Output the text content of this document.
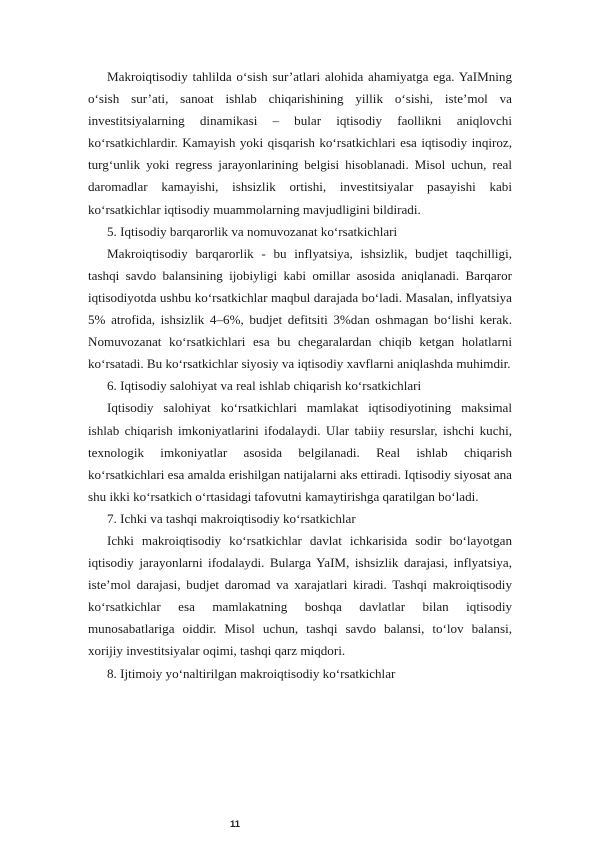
Makroiqtisodiy tahlilda o‘sish sur’atlari alohida ahamiyatga ega. YaIMning o‘sish sur’ati, sanoat ishlab chiqarishining yillik o‘sishi, iste’mol va investitsiyalarning dinamikasi – bular iqtisodiy faollikni aniqlovchi ko‘rsatkichlardir. Kamayish yoki qisqarish ko‘rsatkichlari esa iqtisodiy inqiroz, turg‘unlik yoki regress jarayonlarining belgisi hisoblanadi. Misol uchun, real daromadlar kamayishi, ishsizlik ortishi, investitsiyalar pasayishi kabi ko‘rsatkichlar iqtisodiy muammolarning mavjudligini bildiradi.

5. Iqtisodiy barqarorlik va nomuvozanat ko‘rsatkichlari

Makroiqtisodiy barqarorlik - bu inflyatsiya, ishsizlik, budjet taqchilligi, tashqi savdo balansining ijobiyligi kabi omillar asosida aniqlanadi. Barqaror iqtisodiyotda ushbu ko‘rsatkichlar maqbul darajada bo‘ladi. Masalan, inflyatsiya 5% atrofida, ishsizlik 4–6%, budjet defitsiti 3%dan oshmagan bo‘lishi kerak. Nomuvozanat ko‘rsatkichlari esa bu chegaralardan chiqib ketgan holatlarni ko‘rsatadi. Bu ko‘rsatkichlar siyosiy va iqtisodiy xavflarni aniqlashda muhimdir.

6. Iqtisodiy salohiyat va real ishlab chiqarish ko‘rsatkichlari

Iqtisodiy salohiyat ko‘rsatkichlari mamlakat iqtisodiyotining maksimal ishlab chiqarish imkoniyatlarini ifodalaydi. Ular tabiiy resurslar, ishchi kuchi, texnologik imkoniyatlar asosida belgilanadi. Real ishlab chiqarish ko‘rsatkichlari esa amalda erishilgan natijalarni aks ettiradi. Iqtisodiy siyosat ana shu ikki ko‘rsatkich o‘rtasidagi tafovutni kamaytirishga qaratilgan bo‘ladi.

7. Ichki va tashqi makroiqtisodiy ko‘rsatkichlar

Ichki makroiqtisodiy ko‘rsatkichlar davlat ichkarisida sodir bo‘layotgan iqtisodiy jarayonlarni ifodalaydi. Bularga YaIM, ishsizlik darajasi, inflyatsiya, iste’mol darajasi, budjet daromad va xarajatlari kiradi. Tashqi makroiqtisodiy ko‘rsatkichlar esa mamlakatning boshqa davlatlar bilan iqtisodiy munosabatlariga oiddir. Misol uchun, tashqi savdo balansi, to‘lov balansi, xorijiy investitsiyalar oqimi, tashqi qarz miqdori.

8. Ijtimoiy yo‘naltirilgan makroiqtisodiy ko‘rsatkichlar

11
